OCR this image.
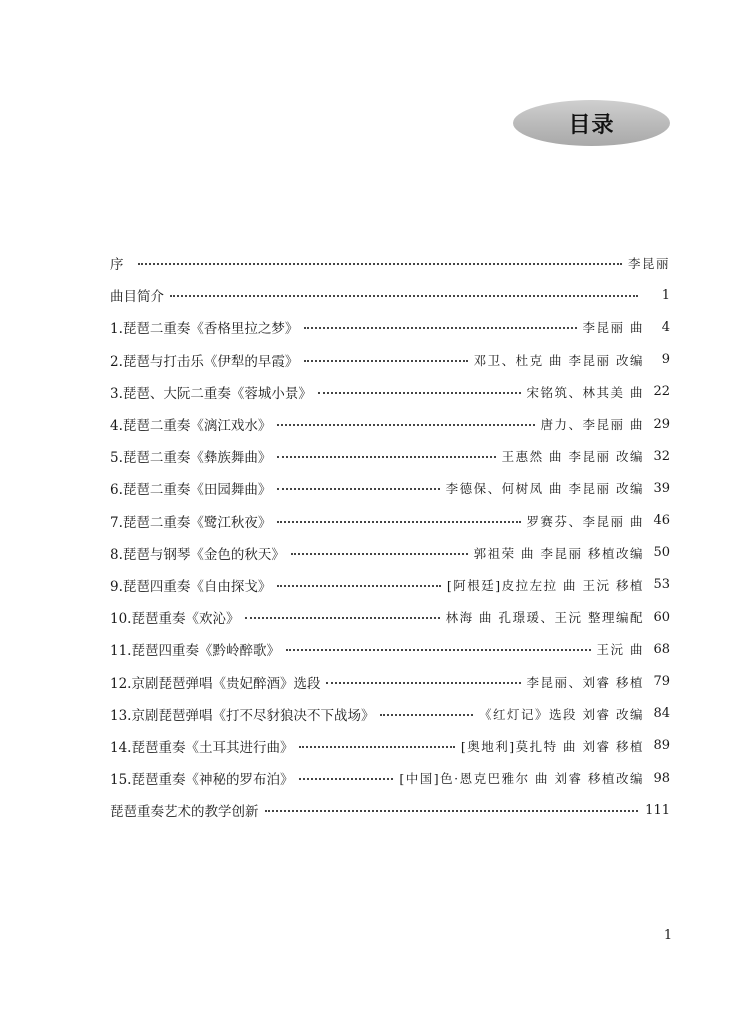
目录
序	李昆丽
曲目简介	1
1.琵琶二重奏《香格里拉之梦》	李昆丽 曲	4
2.琵琶与打击乐《伊犁的早霞》	邓卫、杜克 曲 李昆丽 改编	9
3.琵琶、大阮二重奏《蓉城小景》	宋铭筑、林其美 曲 22
4.琵琶二重奏《漓江戏水》	唐力、李昆丽 曲 29
5.琵琶二重奏《彝族舞曲》	王惠然 曲 李昆丽 改编 32
6.琵琶二重奏《田园舞曲》	李德保、何树凤 曲 李昆丽 改编 39
7.琵琶二重奏《鹭江秋夜》	罗赛芬、李昆丽 曲 46
8.琵琶与钢琴《金色的秋天》	郭祖荣 曲 李昆丽 移植改编 50
9.琵琶四重奏《自由探戈》	[阿根廷]皮拉左拉 曲 王沅 移植 53
10.琵琶重奏《欢沁》	林海 曲 孔璟瑗、王沅 整理编配 60
11.琵琶四重奏《黔岭醉歌》	王沅 曲 68
12.京剧琵琶弹唱《贵妃醉酒》选段	李昆丽、刘睿 移植 79
13.京剧琵琶弹唱《打不尽豺狼决不下战场》	《红灯记》选段 刘睿 改编 84
14.琵琶重奏《土耳其进行曲》	[奥地利]莫扎特 曲 刘睿 移植 89
15.琵琶重奏《神秘的罗布泊》	[中国]色·恩克巴雅尔 曲 刘睿 移植改编 98
琵琶重奏艺术的教学创新	111
1
